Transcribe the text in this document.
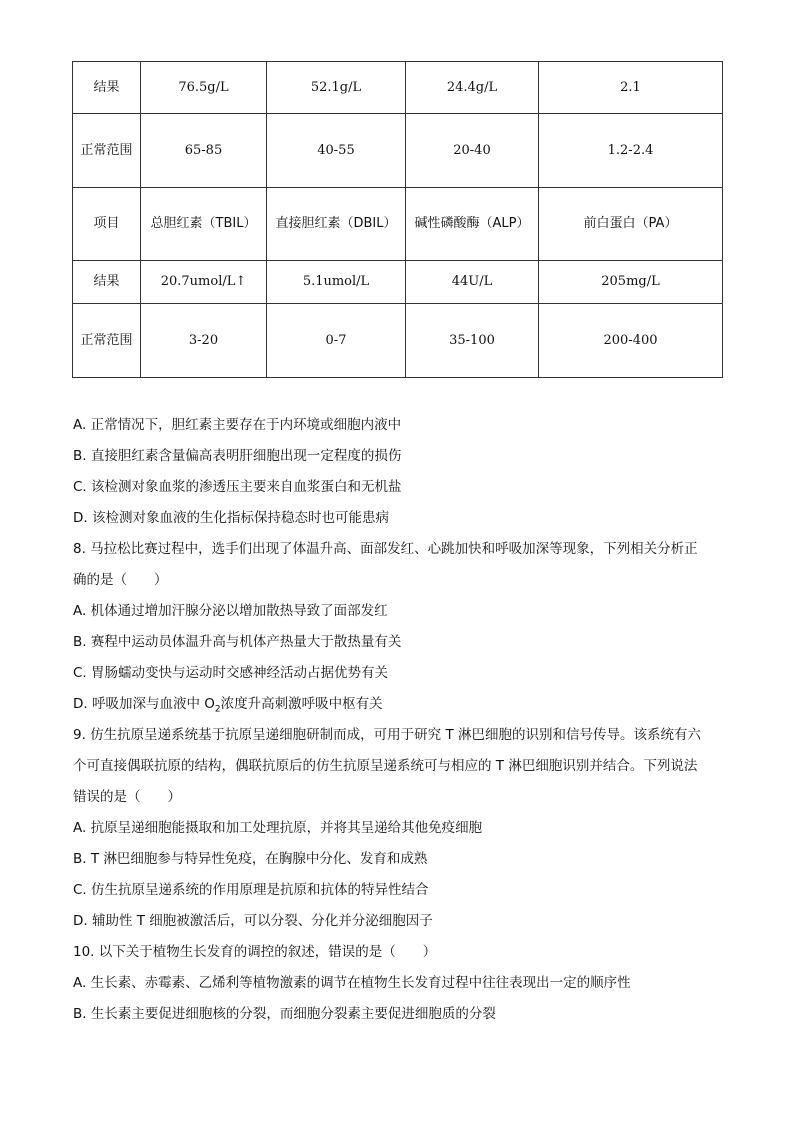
结果	76.5g/L	52.1g/L	24.4g/L	2.1
正常范围	65-85	40-55	20-40	1.2-2.4
项目	总胆红素（TBIL）	直接胆红素（DBIL）	碱性磷酸酶（ALP）	前白蛋白（PA）
结果	20.7umol/L↑	5.1umol/L	44U/L	205mg/L
正常范围	3-20	0-7	35-100	200-400
A. 正常情况下，胆红素主要存在于内环境或细胞内液中
B. 直接胆红素含量偏高表明肝细胞出现一定程度的损伤
C. 该检测对象血浆的渗透压主要来自血浆蛋白和无机盐
D. 该检测对象血液的生化指标保持稳态时也可能患病
8. 马拉松比赛过程中，选手们出现了体温升高、面部发红、心跳加快和呼吸加深等现象，下列相关分析正
确的是（　　）
A. 机体通过增加汗腺分泌以增加散热导致了面部发红
B. 赛程中运动员体温升高与机体产热量大于散热量有关
C. 胃肠蠕动变快与运动时交感神经活动占据优势有关
D. 呼吸加深与血液中 $O_2$浓度升高刺激呼吸中枢有关
9. 仿生抗原呈递系统基于抗原呈递细胞研制而成，可用于研究 T 淋巴细胞的识别和信号传导。该系统有六
个可直接偶联抗原的结构，偶联抗原后的仿生抗原呈递系统可与相应的 T 淋巴细胞识别并结合。下列说法
错误的是（　　）
A. 抗原呈递细胞能摄取和加工处理抗原，并将其呈递给其他免疫细胞
B. T 淋巴细胞参与特异性免疫，在胸腺中分化、发育和成熟
C. 仿生抗原呈递系统的作用原理是抗原和抗体的特异性结合
D. 辅助性 T 细胞被激活后，可以分裂、分化并分泌细胞因子
10. 以下关于植物生长发育的调控的叙述，错误的是（　　）
A. 生长素、赤霉素、乙烯利等植物激素的调节在植物生长发育过程中往往表现出一定的顺序性
B. 生长素主要促进细胞核的分裂，而细胞分裂素主要促进细胞质的分裂
